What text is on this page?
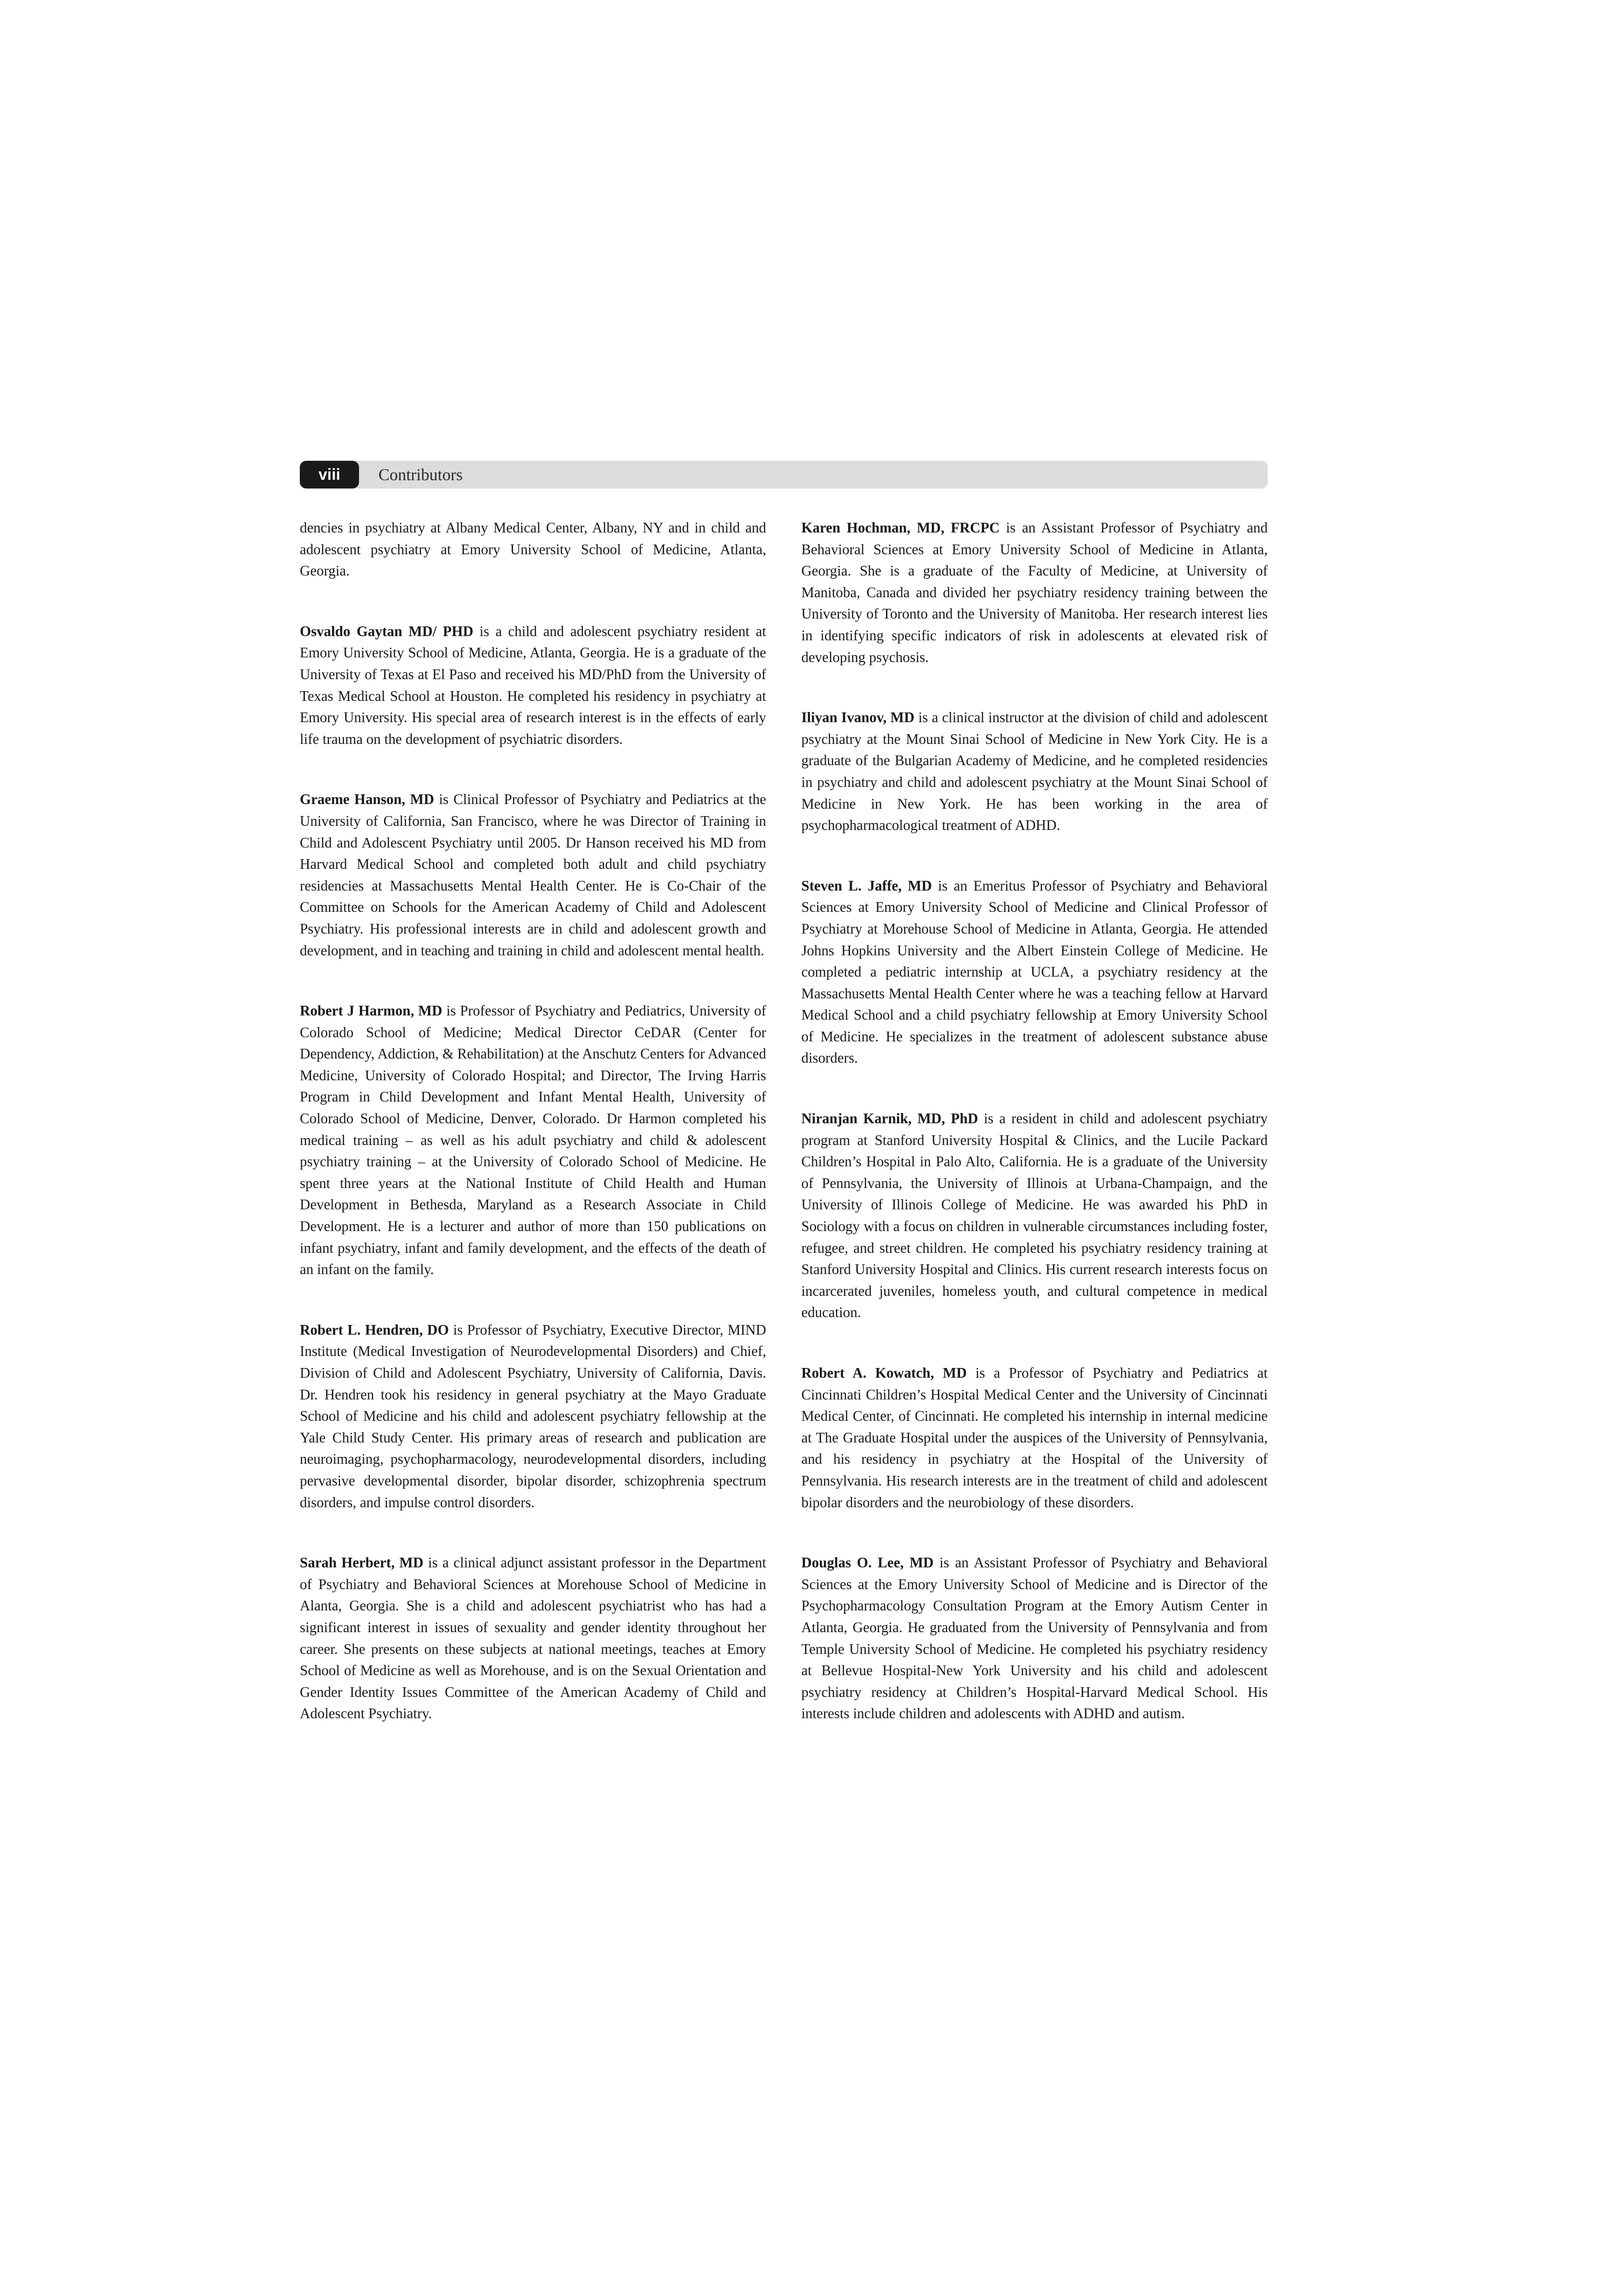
viii	Contributors

dencies in psychiatry at Albany Medical Center, Albany, NY and in child and adolescent psychiatry at Emory University School of Medicine, Atlanta, Georgia.

Osvaldo Gaytan MD/ PHD is a child and adolescent psychiatry resident at Emory University School of Medicine, Atlanta, Georgia. He is a graduate of the University of Texas at El Paso and received his MD/PhD from the University of Texas Medical School at Houston. He completed his residency in psychiatry at Emory University. His special area of research interest is in the effects of early life trauma on the development of psychiatric disorders.

Graeme Hanson, MD is Clinical Professor of Psychiatry and Pediatrics at the University of California, San Francisco, where he was Director of Training in Child and Adolescent Psychiatry until 2005. Dr Hanson received his MD from Harvard Medical School and completed both adult and child psychiatry residencies at Massachusetts Mental Health Center. He is Co-Chair of the Committee on Schools for the American Academy of Child and Adolescent Psychiatry. His professional interests are in child and adolescent growth and development, and in teaching and training in child and adolescent mental health.

Robert J Harmon, MD is Professor of Psychiatry and Pediatrics, University of Colorado School of Medicine; Medical Director CeDAR (Center for Dependency, Addiction, & Rehabilitation) at the Anschutz Centers for Advanced Medicine, University of Colorado Hospital; and Director, The Irving Harris Program in Child Development and Infant Mental Health, University of Colorado School of Medicine, Denver, Colorado. Dr Harmon completed his medical training – as well as his adult psychiatry and child & adolescent psychiatry training – at the University of Colorado School of Medicine. He spent three years at the National Institute of Child Health and Human Development in Bethesda, Maryland as a Research Associate in Child Development. He is a lecturer and author of more than 150 publications on infant psychiatry, infant and family development, and the effects of the death of an infant on the family.

Robert L. Hendren, DO is Professor of Psychiatry, Executive Director, MIND Institute (Medical Investigation of Neurodevelopmental Disorders) and Chief, Division of Child and Adolescent Psychiatry, University of California, Davis. Dr. Hendren took his residency in general psychiatry at the Mayo Graduate School of Medicine and his child and adolescent psychiatry fellowship at the Yale Child Study Center. His primary areas of research and publication are neuroimaging, psychopharmacology, neurodevelopmental disorders, including pervasive developmental disorder, bipolar disorder, schizophrenia spectrum disorders, and impulse control disorders.

Sarah Herbert, MD is a clinical adjunct assistant professor in the Department of Psychiatry and Behavioral Sciences at Morehouse School of Medicine in Alanta, Georgia. She is a child and adolescent psychiatrist who has had a significant interest in issues of sexuality and gender identity throughout her career. She presents on these subjects at national meetings, teaches at Emory School of Medicine as well as Morehouse, and is on the Sexual Orientation and Gender Identity Issues Committee of the American Academy of Child and Adolescent Psychiatry.

Karen Hochman, MD, FRCPC is an Assistant Professor of Psychiatry and Behavioral Sciences at Emory University School of Medicine in Atlanta, Georgia. She is a graduate of the Faculty of Medicine, at University of Manitoba, Canada and divided her psychiatry residency training between the University of Toronto and the University of Manitoba. Her research interest lies in identifying specific indicators of risk in adolescents at elevated risk of developing psychosis.

Iliyan Ivanov, MD is a clinical instructor at the division of child and adolescent psychiatry at the Mount Sinai School of Medicine in New York City. He is a graduate of the Bulgarian Academy of Medicine, and he completed residencies in psychiatry and child and adolescent psychiatry at the Mount Sinai School of Medicine in New York. He has been working in the area of psychopharmacological treatment of ADHD.

Steven L. Jaffe, MD is an Emeritus Professor of Psychiatry and Behavioral Sciences at Emory University School of Medicine and Clinical Professor of Psychiatry at Morehouse School of Medicine in Atlanta, Georgia. He attended Johns Hopkins University and the Albert Einstein College of Medicine. He completed a pediatric internship at UCLA, a psychiatry residency at the Massachusetts Mental Health Center where he was a teaching fellow at Harvard Medical School and a child psychiatry fellowship at Emory University School of Medicine. He specializes in the treatment of adolescent substance abuse disorders.

Niranjan Karnik, MD, PhD is a resident in child and adolescent psychiatry program at Stanford University Hospital & Clinics, and the Lucile Packard Children’s Hospital in Palo Alto, California. He is a graduate of the University of Pennsylvania, the University of Illinois at Urbana-Champaign, and the University of Illinois College of Medicine. He was awarded his PhD in Sociology with a focus on children in vulnerable circumstances including foster, refugee, and street children. He completed his psychiatry residency training at Stanford University Hospital and Clinics. His current research interests focus on incarcerated juveniles, homeless youth, and cultural competence in medical education.

Robert A. Kowatch, MD is a Professor of Psychiatry and Pediatrics at Cincinnati Children’s Hospital Medical Center and the University of Cincinnati Medical Center, of Cincinnati. He completed his internship in internal medicine at The Graduate Hospital under the auspices of the University of Pennsylvania, and his residency in psychiatry at the Hospital of the University of Pennsylvania. His research interests are in the treatment of child and adolescent bipolar disorders and the neurobiology of these disorders.

Douglas O. Lee, MD is an Assistant Professor of Psychiatry and Behavioral Sciences at the Emory University School of Medicine and is Director of the Psychopharmacology Consultation Program at the Emory Autism Center in Atlanta, Georgia. He graduated from the University of Pennsylvania and from Temple University School of Medicine. He completed his psychiatry residency at Bellevue Hospital-New York University and his child and adolescent psychiatry residency at Children’s Hospital-Harvard Medical School. His interests include children and adolescents with ADHD and autism.
